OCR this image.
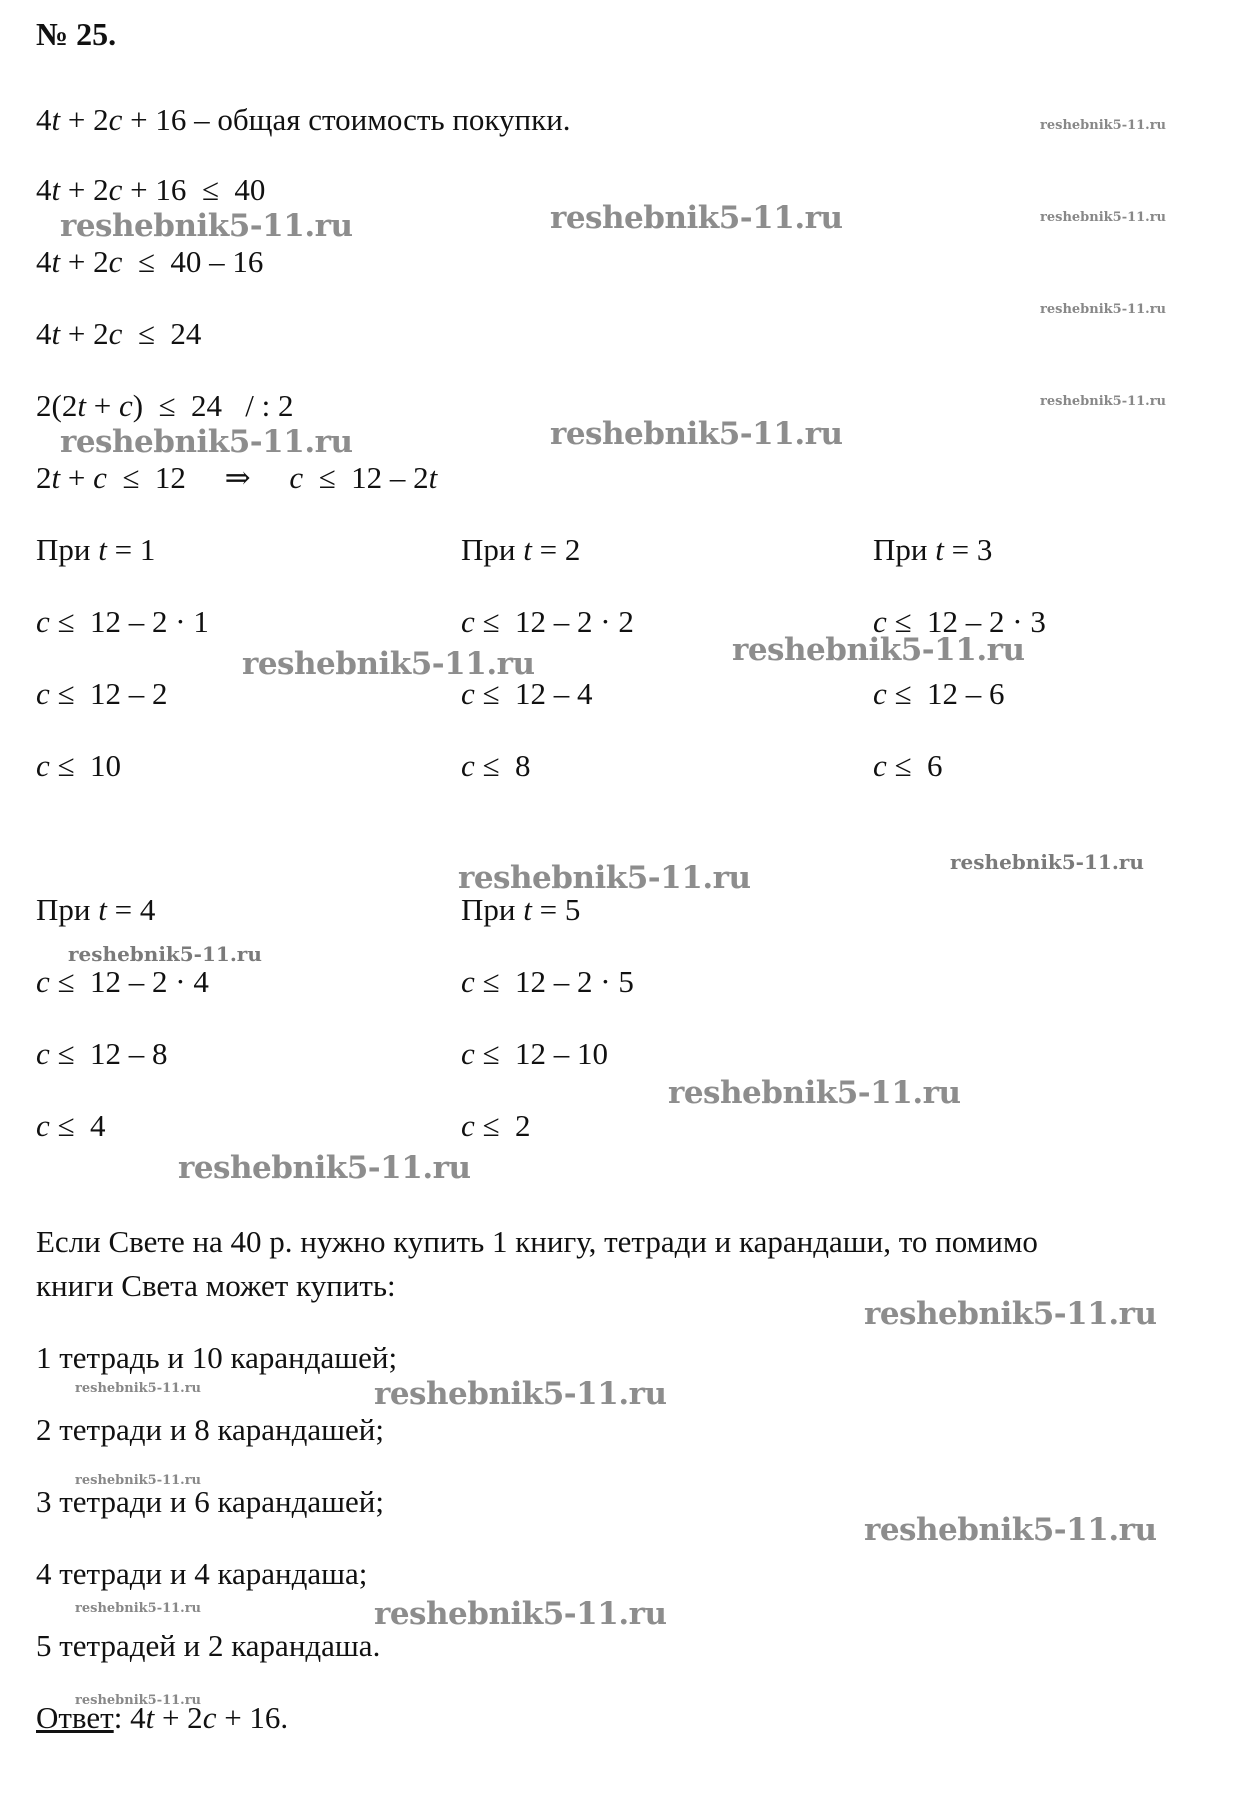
№ 25.
4t + 2c + 16 – общая стоимость покупки.
4t + 2c + 16  ≤  40
4t + 2c  ≤  40 – 16
4t + 2c  ≤  24
2(2t + c)  ≤  24   / : 2
2t + c  ≤  12     ⇒     c  ≤  12 – 2t
При t = 1
c ≤  12 – 2 · 1
c ≤  12 – 2
c ≤  10
При t = 2
c ≤  12 – 2 · 2
c ≤  12 – 4
c ≤  8
При t = 3
c ≤  12 – 2 · 3
c ≤  12 – 6
c ≤  6
При t = 4
c ≤  12 – 2 · 4
c ≤  12 – 8
c ≤  4
При t = 5
c ≤  12 – 2 · 5
c ≤  12 – 10
c ≤  2
Если Свете на 40 р. нужно купить 1 книгу, тетради и карандаши, то помимо
книги Света может купить:
1 тетрадь и 10 карандашей;
2 тетради и 8 карандашей;
3 тетради и 6 карандашей;
4 тетради и 4 карандаша;
5 тетрадей и 2 карандаша.
Ответ: 4t + 2c + 16.
reshebnik5-11.ru
reshebnik5-11.ru
reshebnik5-11.ru
reshebnik5-11.ru
reshebnik5-11.ru	reshebnik5-11.ru
reshebnik5-11.ru	reshebnik5-11.ru
reshebnik5-11.ru	reshebnik5-11.ru
reshebnik5-11.ru
reshebnik5-11.ru
reshebnik5-11.ru
reshebnik5-11.ru
reshebnik5-11.ru
reshebnik5-11.ru
reshebnik5-11.ru	reshebnik5-11.ru
reshebnik5-11.ru
reshebnik5-11.ru
reshebnik5-11.ru	reshebnik5-11.ru
reshebnik5-11.ru
